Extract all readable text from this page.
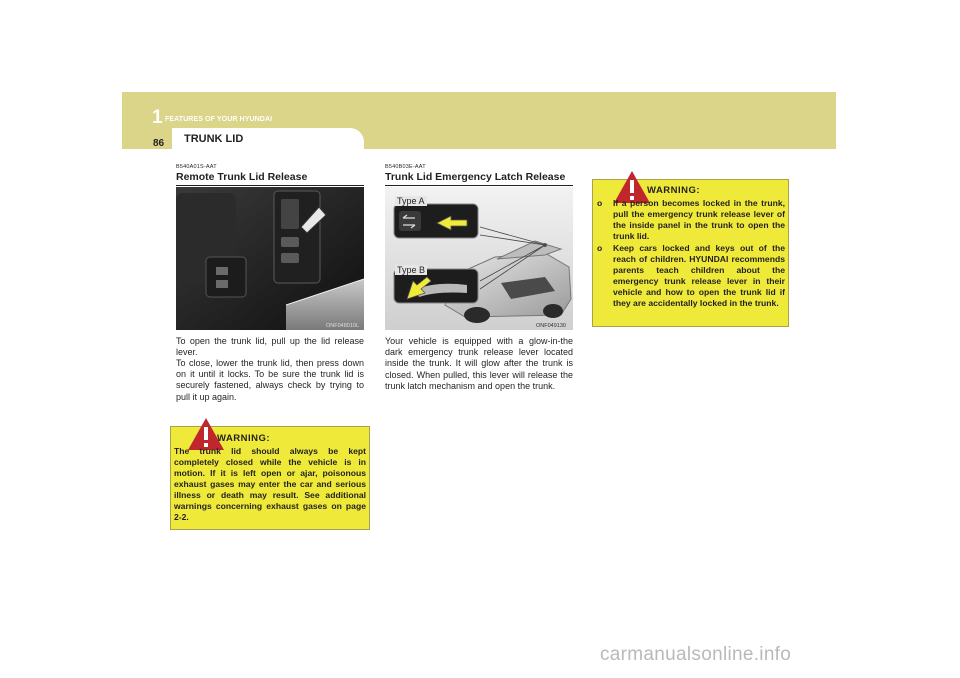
1 FEATURES OF YOUR HYUNDAI
86 TRUNK LID
B540A01S-AAT
Remote Trunk Lid Release
ONF048010L

To open the trunk lid, pull up the lid release lever.

To close, lower the trunk lid, then press down on it until it locks. To be sure the trunk lid is securely fastened, always check by trying to pull it up again.

WARNING:

The trunk lid should always be kept completely closed while the vehicle is in motion. If it is left open or ajar, poisonous exhaust gases may enter the car and serious illness or death may result. See additional warnings concerning exhaust gases on page 2-2.

B540B03E-AAT
Trunk Lid Emergency Latch Release
Type A
Type B
ONF049130

Your vehicle is equipped with a glow-in-the dark emergency trunk release lever located inside the trunk. It will glow after the trunk is closed. When pulled, this lever will release the trunk latch mechanism and open the trunk.

WARNING:
o If a person becomes locked in the trunk, pull the emergency trunk release lever of the inside panel in the trunk to open the trunk lid.
o Keep cars locked and keys out of the reach of children. HYUNDAI recommends parents teach children about the emergency trunk release lever in their vehicle and how to open the trunk lid if they are accidentally locked in the trunk.
carmanualsonline.info
